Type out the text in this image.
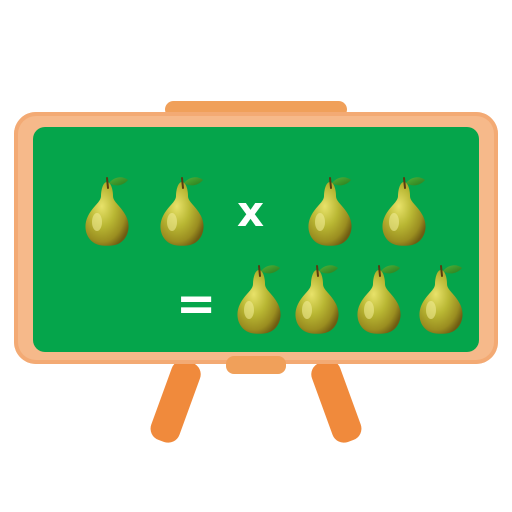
x
=
